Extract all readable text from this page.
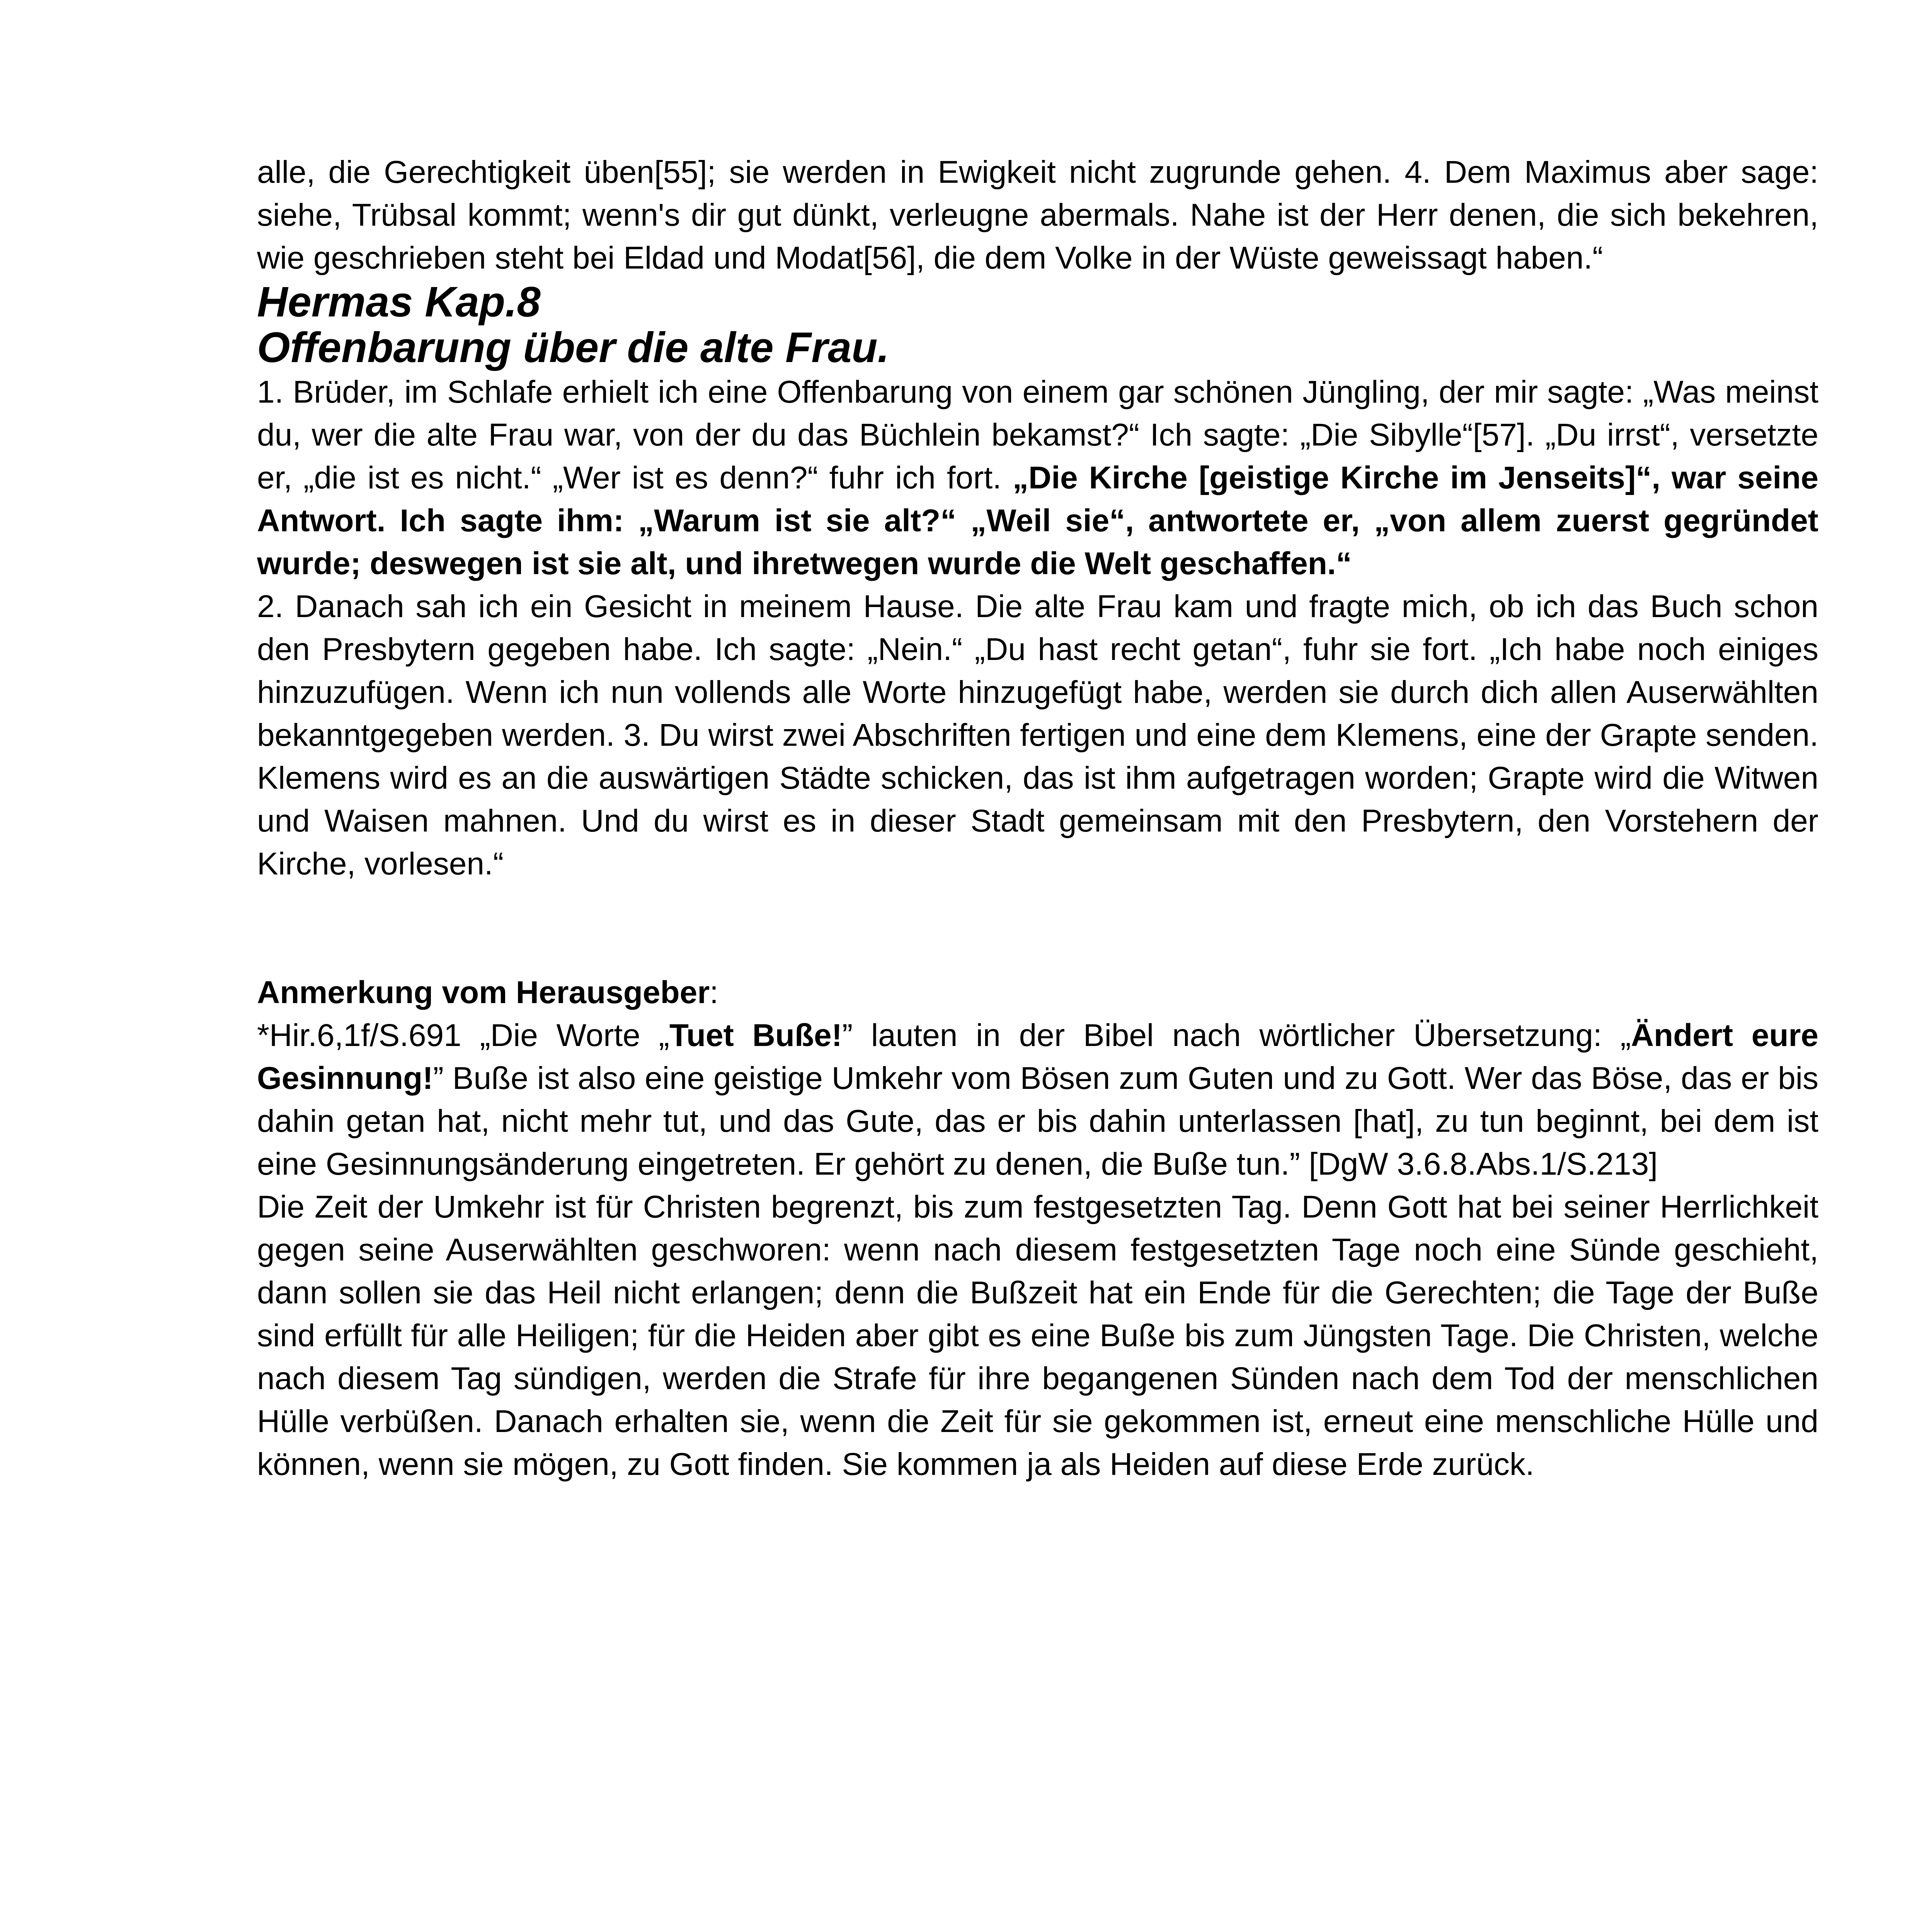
alle, die Gerechtigkeit üben[55]; sie werden in Ewigkeit nicht zugrunde gehen. 4. Dem Maximus aber sage: siehe, Trübsal kommt; wenn's dir gut dünkt, verleugne abermals. Nahe ist der Herr denen, die sich bekehren, wie geschrieben steht bei Eldad und Modat[56], die dem Volke in der Wüste geweissagt haben.“

Hermas Kap.8
Offenbarung über die alte Frau.

1. Brüder, im Schlafe erhielt ich eine Offenbarung von einem gar schönen Jüngling, der mir sagte: „Was meinst du, wer die alte Frau war, von der du das Büchlein bekamst?“ Ich sagte: „Die Sibylle“[57]. „Du irrst“, versetzte er, „die ist es nicht.“ „Wer ist es denn?“ fuhr ich fort. „Die Kirche [geistige Kirche im Jenseits]“, war seine Antwort. Ich sagte ihm: „Warum ist sie alt?“ „Weil sie“, antwortete er, „von allem zuerst gegründet wurde; deswegen ist sie alt, und ihretwegen wurde die Welt geschaffen.“

2. Danach sah ich ein Gesicht in meinem Hause. Die alte Frau kam und fragte mich, ob ich das Buch schon den Presbytern gegeben habe. Ich sagte: „Nein.“ „Du hast recht getan“, fuhr sie fort. „Ich habe noch einiges hinzuzufügen. Wenn ich nun vollends alle Worte hinzugefügt habe, werden sie durch dich allen Auserwählten bekanntgegeben werden. 3. Du wirst zwei Abschriften fertigen und eine dem Klemens, eine der Grapte senden. Klemens wird es an die auswärtigen Städte schicken, das ist ihm aufgetragen worden; Grapte wird die Witwen und Waisen mahnen. Und du wirst es in dieser Stadt gemeinsam mit den Presbytern, den Vorstehern der Kirche, vorlesen.“

Anmerkung vom Herausgeber:

*Hir.6,1f/S.691 „Die Worte „Tuet Buße!” lauten in der Bibel nach wörtlicher Übersetzung: „Ändert eure Gesinnung!” Buße ist also eine geistige Umkehr vom Bösen zum Guten und zu Gott. Wer das Böse, das er bis dahin getan hat, nicht mehr tut, und das Gute, das er bis dahin unterlassen [hat], zu tun beginnt, bei dem ist eine Gesinnungsänderung eingetreten. Er gehört zu denen, die Buße tun.” [DgW 3.6.8.Abs.1/S.213]

Die Zeit der Umkehr ist für Christen begrenzt, bis zum festgesetzten Tag. Denn Gott hat bei seiner Herrlichkeit gegen seine Auserwählten geschworen: wenn nach diesem festgesetzten Tage noch eine Sünde geschieht, dann sollen sie das Heil nicht erlangen; denn die Bußzeit hat ein Ende für die Gerechten; die Tage der Buße sind erfüllt für alle Heiligen; für die Heiden aber gibt es eine Buße bis zum Jüngsten Tage. Die Christen, welche nach diesem Tag sündigen, werden die Strafe für ihre begangenen Sünden nach dem Tod der menschlichen Hülle verbüßen. Danach erhalten sie, wenn die Zeit für sie gekommen ist, erneut eine menschliche Hülle und können, wenn sie mögen, zu Gott finden. Sie kommen ja als Heiden auf diese Erde zurück.
